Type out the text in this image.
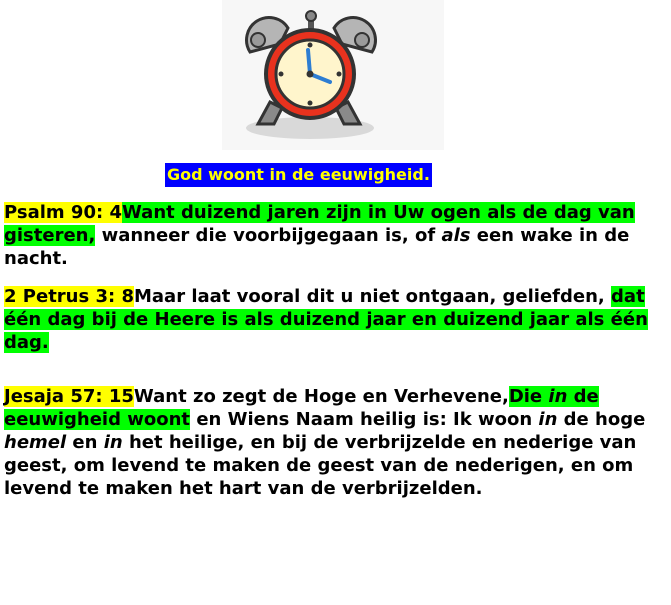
God woont in de eeuwigheid.
Psalm 90: 4Want duizend jaren zijn in Uw ogen als de dag van gisteren, wanneer die voorbijgegaan is, of als een wake in de nacht.
2 Petrus 3: 8Maar laat vooral dit u niet ontgaan, geliefden, dat één dag bij de Heere is als duizend jaar en duizend jaar als één dag.
Jesaja 57: 15Want zo zegt de Hoge en Verhevene,Die in de eeuwigheid woont en Wiens Naam heilig is: Ik woon in de hoge hemel en in het heilige, en bij de verbrijzelde en nederige van geest, om levend te maken de geest van de nederigen, en om levend te maken het hart van de verbrijzelden.
